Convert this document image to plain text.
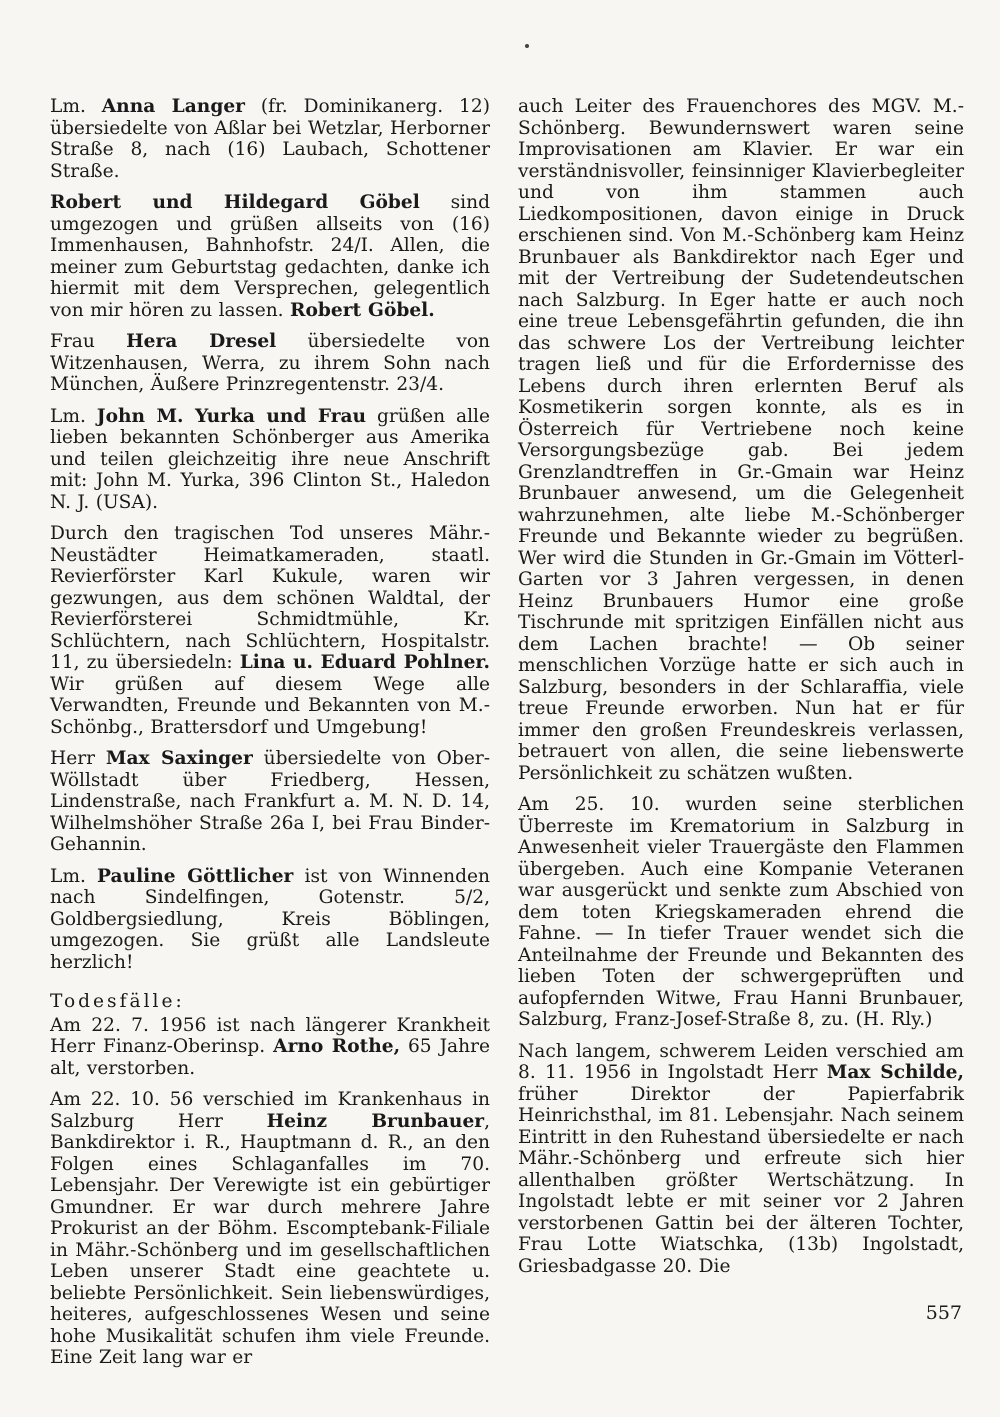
Lm. Anna Langer (fr. Dominikanerg. 12) übersiedelte von Aßlar bei Wetzlar, Herborner Straße 8, nach (16) Laubach, Schottener Straße.

Robert und Hildegard Göbel sind umgezogen und grüßen allseits von (16) Immenhausen, Bahnhofstr. 24/I. Allen, die meiner zum Geburtstag gedachten, danke ich hiermit mit dem Versprechen, gelegentlich von mir hören zu lassen. Robert Göbel.

Frau Hera Dresel übersiedelte von Witzenhausen, Werra, zu ihrem Sohn nach München, Äußere Prinzregentenstr. 23/4.

Lm. John M. Yurka und Frau grüßen alle lieben bekannten Schönberger aus Amerika und teilen gleichzeitig ihre neue Anschrift mit: John M. Yurka, 396 Clinton St., Haledon N. J. (USA).

Durch den tragischen Tod unseres Mähr.-Neustädter Heimatkameraden, staatl. Revierförster Karl Kukule, waren wir gezwungen, aus dem schönen Waldtal, der Revierförsterei Schmidtmühle, Kr. Schlüchtern, nach Schlüchtern, Hospitalstr. 11, zu übersiedeln: Lina u. Eduard Pohlner. Wir grüßen auf diesem Wege alle Verwandten, Freunde und Bekannten von M.-Schönbg., Brattersdorf und Umgebung!

Herr Max Saxinger übersiedelte von Ober-Wöllstadt über Friedberg, Hessen, Lindenstraße, nach Frankfurt a. M. N. D. 14, Wilhelmshöher Straße 26a I, bei Frau Binder-Gehannin.

Lm. Pauline Göttlicher ist von Winnenden nach Sindelfingen, Gotenstr. 5/2, Goldbergsiedlung, Kreis Böblingen, umgezogen. Sie grüßt alle Landsleute herzlich!

Todesfälle:

Am 22. 7. 1956 ist nach längerer Krankheit Herr Finanz-Oberinsp. Arno Rothe, 65 Jahre alt, verstorben.

Am 22. 10. 56 verschied im Krankenhaus in Salzburg Herr Heinz Brunbauer, Bankdirektor i. R., Hauptmann d. R., an den Folgen eines Schlaganfalles im 70. Lebensjahr. Der Verewigte ist ein gebürtiger Gmundner. Er war durch mehrere Jahre Prokurist an der Böhm. Escomptebank-Filiale in Mähr.-Schönberg und im gesellschaftlichen Leben unserer Stadt eine geachtete u. beliebte Persönlichkeit. Sein liebenswürdiges, heiteres, aufgeschlossenes Wesen und seine hohe Musikalität schufen ihm viele Freunde. Eine Zeit lang war er

auch Leiter des Frauenchores des MGV. M.-Schönberg. Bewundernswert waren seine Improvisationen am Klavier. Er war ein verständnisvoller, feinsinniger Klavierbegleiter und von ihm stammen auch Liedkompositionen, davon einige in Druck erschienen sind. Von M.-Schönberg kam Heinz Brunbauer als Bankdirektor nach Eger und mit der Vertreibung der Sudetendeutschen nach Salzburg. In Eger hatte er auch noch eine treue Lebensgefährtin gefunden, die ihn das schwere Los der Vertreibung leichter tragen ließ und für die Erfordernisse des Lebens durch ihren erlernten Beruf als Kosmetikerin sorgen konnte, als es in Österreich für Vertriebene noch keine Versorgungsbezüge gab. Bei jedem Grenzlandtreffen in Gr.-Gmain war Heinz Brunbauer anwesend, um die Gelegenheit wahrzunehmen, alte liebe M.-Schönberger Freunde und Bekannte wieder zu begrüßen. Wer wird die Stunden in Gr.-Gmain im Vötterl-Garten vor 3 Jahren vergessen, in denen Heinz Brunbauers Humor eine große Tischrunde mit spritzigen Einfällen nicht aus dem Lachen brachte! — Ob seiner menschlichen Vorzüge hatte er sich auch in Salzburg, besonders in der Schlaraffia, viele treue Freunde erworben. Nun hat er für immer den großen Freundeskreis verlassen, betrauert von allen, die seine liebenswerte Persönlichkeit zu schätzen wußten.

Am 25. 10. wurden seine sterblichen Überreste im Krematorium in Salzburg in Anwesenheit vieler Trauergäste den Flammen übergeben. Auch eine Kompanie Veteranen war ausgerückt und senkte zum Abschied von dem toten Kriegskameraden ehrend die Fahne. — In tiefer Trauer wendet sich die Anteilnahme der Freunde und Bekannten des lieben Toten der schwergeprüften und aufopfernden Witwe, Frau Hanni Brunbauer, Salzburg, Franz-Josef-Straße 8, zu. (H. Rly.)

Nach langem, schwerem Leiden verschied am 8. 11. 1956 in Ingolstadt Herr Max Schilde, früher Direktor der Papierfabrik Heinrichsthal, im 81. Lebensjahr. Nach seinem Eintritt in den Ruhestand übersiedelte er nach Mähr.-Schönberg und erfreute sich hier allenthalben größter Wertschätzung. In Ingolstadt lebte er mit seiner vor 2 Jahren verstorbenen Gattin bei der älteren Tochter, Frau Lotte Wiatschka, (13b) Ingolstadt, Griesbadgasse 20. Die

557
